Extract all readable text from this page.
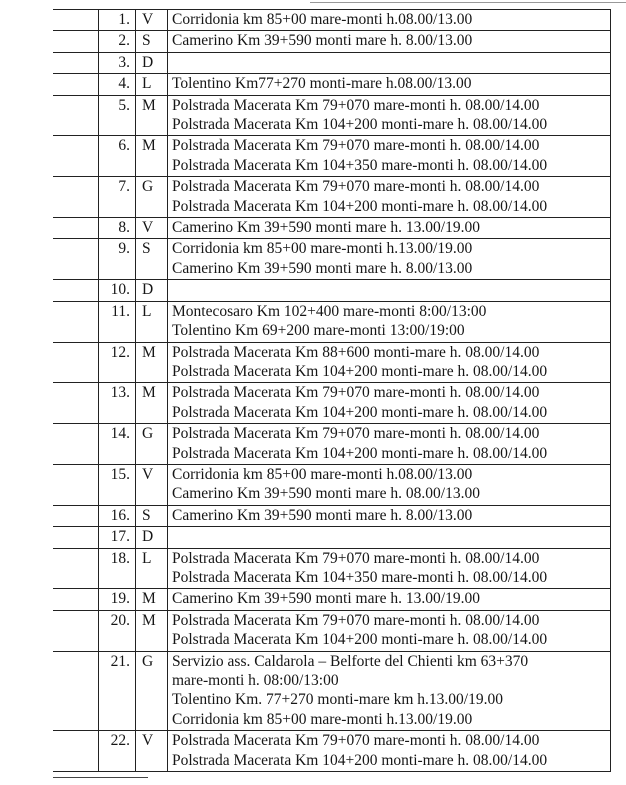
	1.	V	Corridonia km 85+00 mare-monti h.08.00/13.00

	2.	S	Camerino Km 39+590 monti mare h. 8.00/13.00

	3.	D	
	4.	L	Tolentino Km77+270 monti-mare h.08.00/13.00

	5.	M	Polstrada Macerata Km 79+070 mare-monti h. 08.00/14.00
Polstrada Macerata Km 104+200 monti-mare h. 08.00/14.00

	6.	M	Polstrada Macerata Km 79+070 mare-monti h. 08.00/14.00
Polstrada Macerata Km 104+350 mare-monti h. 08.00/14.00

	7.	G	Polstrada Macerata Km 79+070 mare-monti h. 08.00/14.00
Polstrada Macerata Km 104+200 monti-mare h. 08.00/14.00

	8.	V	Camerino Km 39+590 monti mare h. 13.00/19.00

	9.	S	Corridonia km 85+00 mare-monti h.13.00/19.00
Camerino Km 39+590 monti mare h. 8.00/13.00

	10.	D	
	11.	L	Montecosaro Km 102+400 mare-monti 8:00/13:00
Tolentino Km 69+200 mare-monti 13:00/19:00

	12.	M	Polstrada Macerata Km 88+600 monti-mare h. 08.00/14.00
Polstrada Macerata Km 104+200 monti-mare h. 08.00/14.00

	13.	M	Polstrada Macerata Km 79+070 mare-monti h. 08.00/14.00
Polstrada Macerata Km 104+200 monti-mare h. 08.00/14.00

	14.	G	Polstrada Macerata Km 79+070 mare-monti h. 08.00/14.00
Polstrada Macerata Km 104+200 monti-mare h. 08.00/14.00

	15.	V	Corridonia km 85+00 mare-monti h.08.00/13.00
Camerino Km 39+590 monti mare h. 08.00/13.00

	16.	S	Camerino Km 39+590 monti mare h. 8.00/13.00

	17.	D	
	18.	L	Polstrada Macerata Km 79+070 mare-monti h. 08.00/14.00
Polstrada Macerata Km 104+350 mare-monti h. 08.00/14.00

	19.	M	Camerino Km 39+590 monti mare h. 13.00/19.00

	20.	M	Polstrada Macerata Km 79+070 mare-monti h. 08.00/14.00
Polstrada Macerata Km 104+200 monti-mare h. 08.00/14.00

	21.	G	Servizio ass. Caldarola – Belforte del Chienti km 63+370
mare-monti h. 08:00/13:00
Tolentino Km. 77+270 monti-mare km h.13.00/19.00
Corridonia km 85+00 mare-monti h.13.00/19.00

	22.	V	Polstrada Macerata Km 79+070 mare-monti h. 08.00/14.00
Polstrada Macerata Km 104+200 monti-mare h. 08.00/14.00
